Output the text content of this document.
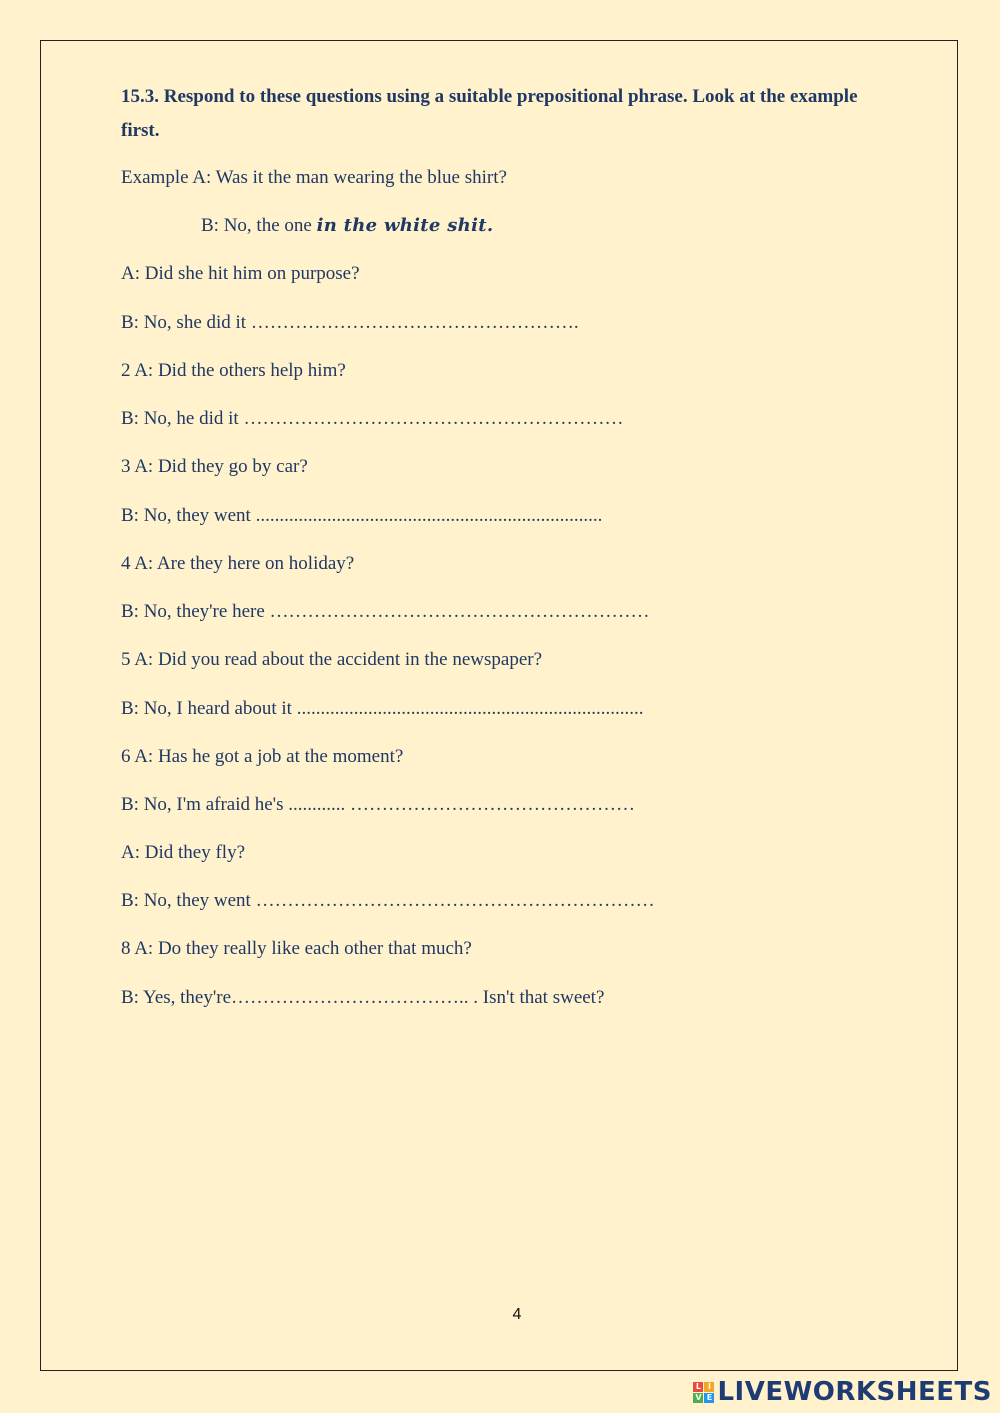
15.3. Respond to these questions using a suitable prepositional phrase. Look at the example
first.
Example A: Was it the man wearing the blue shirt?
B: No, the one in the white shit.
A: Did she hit him on purpose?
B: No, she did it …………………………………………….
2 A: Did the others help him?
B: No, he did it ……………………………………………………
3 A: Did they go by car?
B: No, they went .........................................................................
4 A: Are they here on holiday?
B: No, they're here ……………………………………………………
5 A: Did you read about the accident in the newspaper?
B: No, I heard about it .........................................................................
6 A: Has he got a job at the moment?
B: No, I'm afraid he's ............ ………………………………………
A: Did they fly?
B: No, they went ………………………………………………………
8 A: Do they really like each other that much?
B: Yes, they're……………………………….. . Isn't that sweet?
4
L I
V E LIVEWORKSHEETS
